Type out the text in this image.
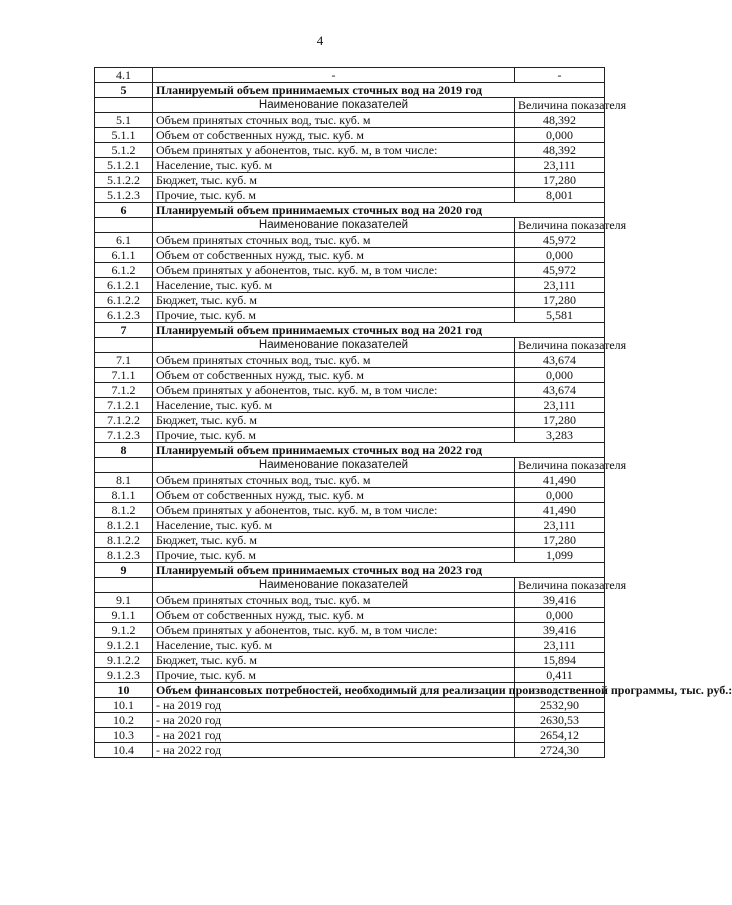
4
4.1	-	-
5	Планируемый объем принимаемых сточных вод на 2019 год	
	Наименование показателей	Величина показателя
5.1	Объем принятых сточных вод, тыс. куб. м	48,392
5.1.1	Объем от собственных нужд, тыс. куб. м	0,000
5.1.2	Объем принятых у абонентов, тыс. куб. м, в том числе:	48,392
5.1.2.1	Население, тыс. куб. м	23,111
5.1.2.2	Бюджет, тыс. куб. м	17,280
5.1.2.3	Прочие, тыс. куб. м	8,001
6	Планируемый объем принимаемых сточных вод на 2020 год	
	Наименование показателей	Величина показателя
6.1	Объем принятых сточных вод, тыс. куб. м	45,972
6.1.1	Объем от собственных нужд, тыс. куб. м	0,000
6.1.2	Объем принятых у абонентов, тыс. куб. м, в том числе:	45,972
6.1.2.1	Население, тыс. куб. м	23,111
6.1.2.2	Бюджет, тыс. куб. м	17,280
6.1.2.3	Прочие, тыс. куб. м	5,581
7	Планируемый объем принимаемых сточных вод на 2021 год	
	Наименование показателей	Величина показателя
7.1	Объем принятых сточных вод, тыс. куб. м	43,674
7.1.1	Объем от собственных нужд, тыс. куб. м	0,000
7.1.2	Объем принятых у абонентов, тыс. куб. м, в том числе:	43,674
7.1.2.1	Население, тыс. куб. м	23,111
7.1.2.2	Бюджет, тыс. куб. м	17,280
7.1.2.3	Прочие, тыс. куб. м	3,283
8	Планируемый объем принимаемых сточных вод на 2022 год	
	Наименование показателей	Величина показателя
8.1	Объем принятых сточных вод, тыс. куб. м	41,490
8.1.1	Объем от собственных нужд, тыс. куб. м	0,000
8.1.2	Объем принятых у абонентов, тыс. куб. м, в том числе:	41,490
8.1.2.1	Население, тыс. куб. м	23,111
8.1.2.2	Бюджет, тыс. куб. м	17,280
8.1.2.3	Прочие, тыс. куб. м	1,099
9	Планируемый объем принимаемых сточных вод на 2023 год	
	Наименование показателей	Величина показателя
9.1	Объем принятых сточных вод, тыс. куб. м	39,416
9.1.1	Объем от собственных нужд, тыс. куб. м	0,000
9.1.2	Объем принятых у абонентов, тыс. куб. м, в том числе:	39,416
9.1.2.1	Население, тыс. куб. м	23,111
9.1.2.2	Бюджет, тыс. куб. м	15,894
9.1.2.3	Прочие, тыс. куб. м	0,411
10	Объем финансовых потребностей, необходимый для реализации производственной программы, тыс. руб.:	
10.1	- на 2019 год	2532,90
10.2	- на 2020 год	2630,53
10.3	- на 2021 год	2654,12
10.4	- на 2022 год	2724,30
